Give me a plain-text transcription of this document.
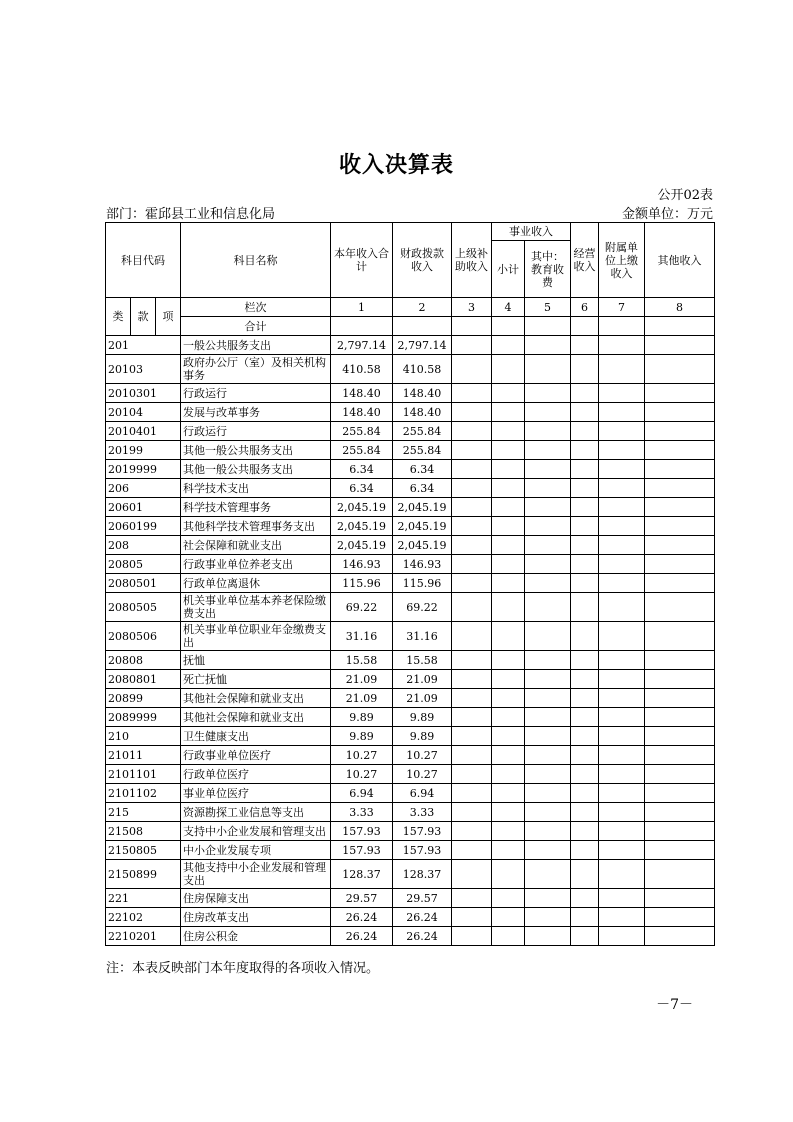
收入决算表
公开02表
部门：霍邱县工业和信息化局	金额单位：万元
科目代码			科目名称	本年收入合计	财政拨款收入	上级补助收入	事业收入		经营收入	附属单位上缴收入	其他收入
							小计	其中：教育收费			
类	款	项	栏次	1	2	3	4	5	6	7	8
			合计								
201			一般公共服务支出	2,797.14	2,797.14						
20103			政府办公厅（室）及相关机构事务	410.58	410.58						
2010301			行政运行	148.40	148.40						
20104			发展与改革事务	148.40	148.40						
2010401			行政运行	255.84	255.84						
20199			其他一般公共服务支出	255.84	255.84						
2019999			其他一般公共服务支出	6.34	6.34						
206			科学技术支出	6.34	6.34						
20601			科学技术管理事务	2,045.19	2,045.19						
2060199			其他科学技术管理事务支出	2,045.19	2,045.19						
208			社会保障和就业支出	2,045.19	2,045.19						
20805			行政事业单位养老支出	146.93	146.93						
2080501			行政单位离退休	115.96	115.96						
2080505			机关事业单位基本养老保险缴费支出	69.22	69.22						
2080506			机关事业单位职业年金缴费支出	31.16	31.16						
20808			抚恤	15.58	15.58						
2080801			死亡抚恤	21.09	21.09						
20899			其他社会保障和就业支出	21.09	21.09						
2089999			其他社会保障和就业支出	9.89	9.89						
210			卫生健康支出	9.89	9.89						
21011			行政事业单位医疗	10.27	10.27						
2101101			行政单位医疗	10.27	10.27						
2101102			事业单位医疗	6.94	6.94						
215			资源勘探工业信息等支出	3.33	3.33						
21508			支持中小企业发展和管理支出	157.93	157.93						
2150805			中小企业发展专项	157.93	157.93						
2150899			其他支持中小企业发展和管理支出	128.37	128.37						
221			住房保障支出	29.57	29.57						
22102			住房改革支出	26.24	26.24						
2210201			住房公积金	26.24	26.24						
注：本表反映部门本年度取得的各项收入情况。
－7－
